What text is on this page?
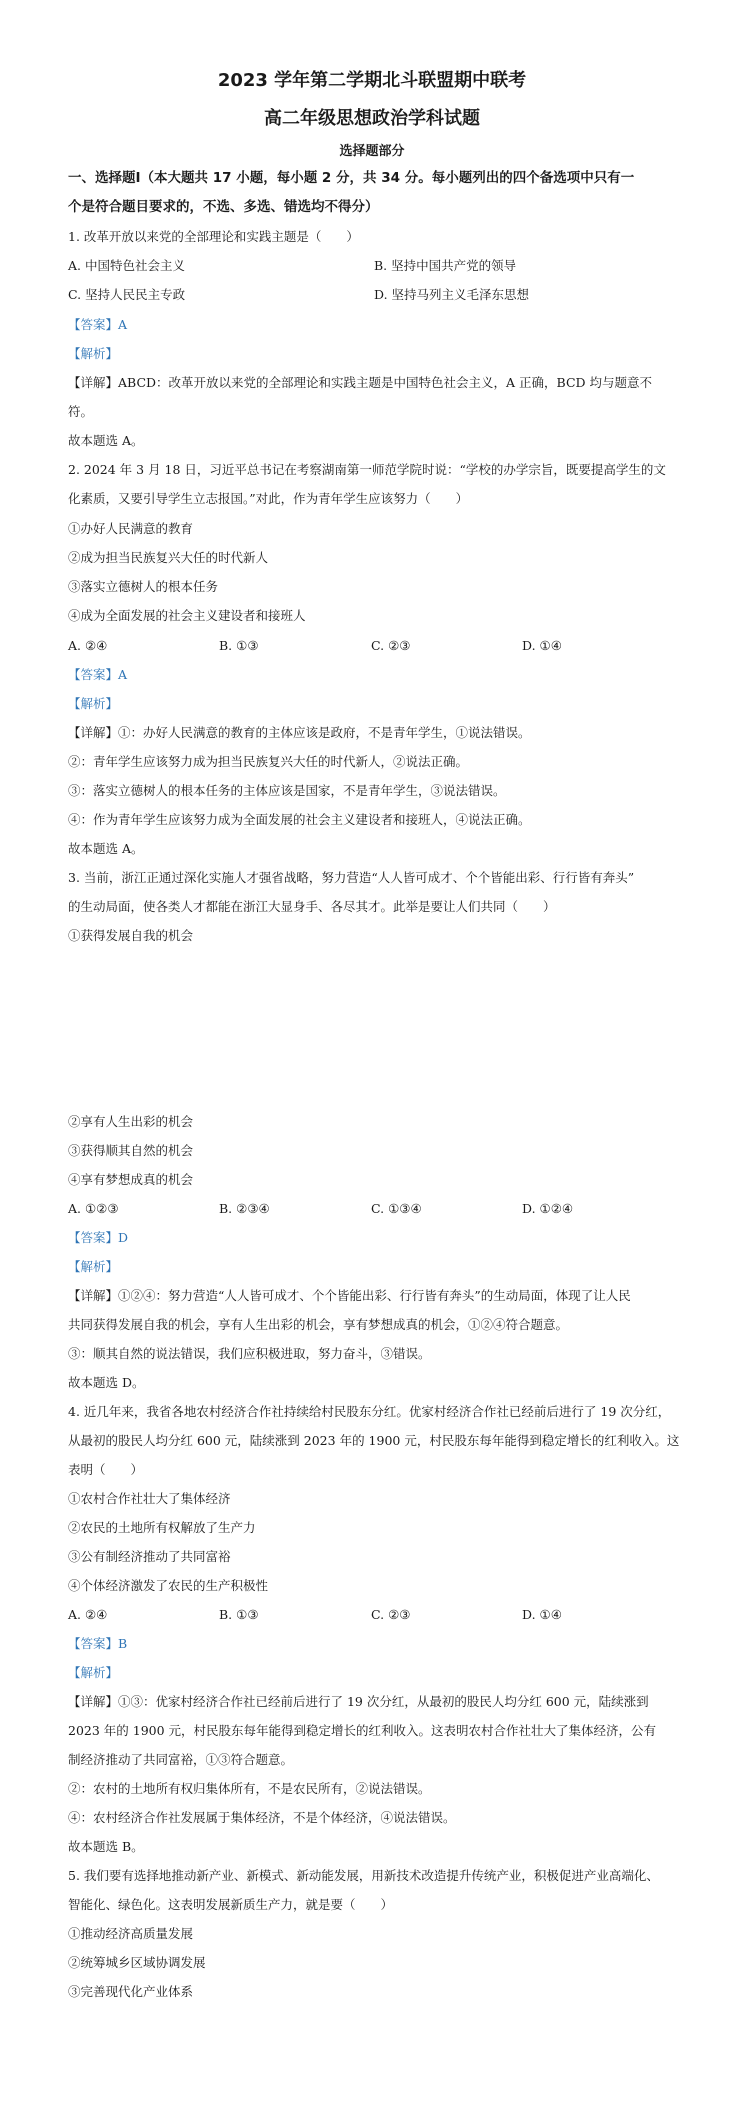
2023 学年第二学期北斗联盟期中联考
高二年级思想政治学科试题
选择题部分
一、选择题Ⅰ（本大题共 17 小题，每小题 2 分，共 34 分。每小题列出的四个备选项中只有一
个是符合题目要求的，不选、多选、错选均不得分）
1. 改革开放以来党的全部理论和实践主题是（　　）
A. 中国特色社会主义	B. 坚持中国共产党的领导
C. 坚持人民民主专政	D. 坚持马列主义毛泽东思想
【答案】A
【解析】
【详解】ABCD：改革开放以来党的全部理论和实践主题是中国特色社会主义，A 正确，BCD 均与题意不
符。
故本题选 A。
2. 2024 年 3 月 18 日，习近平总书记在考察湖南第一师范学院时说：“学校的办学宗旨，既要提高学生的文
化素质，又要引导学生立志报国。”对此，作为青年学生应该努力（　　）
①办好人民满意的教育
②成为担当民族复兴大任的时代新人
③落实立德树人的根本任务
④成为全面发展的社会主义建设者和接班人
A. ②④	B. ①③	C. ②③	D. ①④
【答案】A
【解析】
【详解】①：办好人民满意的教育的主体应该是政府，不是青年学生，①说法错误。
②：青年学生应该努力成为担当民族复兴大任的时代新人，②说法正确。
③：落实立德树人的根本任务的主体应该是国家，不是青年学生，③说法错误。
④：作为青年学生应该努力成为全面发展的社会主义建设者和接班人，④说法正确。
故本题选 A。
3. 当前，浙江正通过深化实施人才强省战略，努力营造“人人皆可成才、个个皆能出彩、行行皆有奔头”
的生动局面，使各类人才都能在浙江大显身手、各尽其才。此举是要让人们共同（　　）
①获得发展自我的机会
②享有人生出彩的机会
③获得顺其自然的机会
④享有梦想成真的机会
A. ①②③	B. ②③④	C. ①③④	D. ①②④
【答案】D
【解析】
【详解】①②④：努力营造“人人皆可成才、个个皆能出彩、行行皆有奔头”的生动局面，体现了让人民
共同获得发展自我的机会，享有人生出彩的机会，享有梦想成真的机会，①②④符合题意。
③：顺其自然的说法错误，我们应积极进取，努力奋斗，③错误。
故本题选 D。
4. 近几年来，我省各地农村经济合作社持续给村民股东分红。优家村经济合作社已经前后进行了 19 次分红，
从最初的股民人均分红 600 元，陆续涨到 2023 年的 1900 元，村民股东每年能得到稳定增长的红利收入。这
表明（　　）
①农村合作社壮大了集体经济
②农民的土地所有权解放了生产力
③公有制经济推动了共同富裕
④个体经济激发了农民的生产积极性
A. ②④	B. ①③	C. ②③	D. ①④
【答案】B
【解析】
【详解】①③：优家村经济合作社已经前后进行了 19 次分红，从最初的股民人均分红 600 元，陆续涨到
2023 年的 1900 元，村民股东每年能得到稳定增长的红利收入。这表明农村合作社壮大了集体经济，公有
制经济推动了共同富裕，①③符合题意。
②：农村的土地所有权归集体所有，不是农民所有，②说法错误。
④：农村经济合作社发展属于集体经济，不是个体经济，④说法错误。
故本题选 B。
5. 我们要有选择地推动新产业、新模式、新动能发展，用新技术改造提升传统产业，积极促进产业高端化、
智能化、绿色化。这表明发展新质生产力，就是要（　　）
①推动经济高质量发展
②统筹城乡区域协调发展
③完善现代化产业体系
